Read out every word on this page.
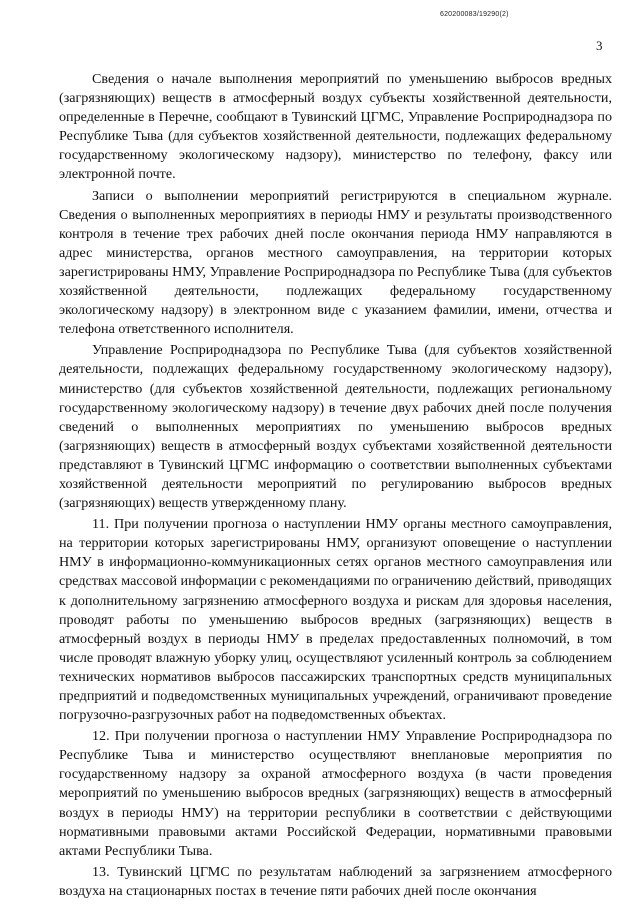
620200083/19290(2)
3

Сведения о начале выполнения мероприятий по уменьшению выбросов вредных (загрязняющих) веществ в атмосферный воздух субъекты хозяйственной деятельности, определенные в Перечне, сообщают в Тувинский ЦГМС, Управление Росприроднадзора по Республике Тыва (для субъектов хозяйственной деятельности, подлежащих федеральному государственному экологическому надзору), министерство по телефону, факсу или электронной почте.

Записи о выполнении мероприятий регистрируются в специальном журнале. Сведения о выполненных мероприятиях в периоды НМУ и результаты производственного контроля в течение трех рабочих дней после окончания периода НМУ направляются в адрес министерства, органов местного самоуправления, на территории которых зарегистрированы НМУ, Управление Росприроднадзора по Республике Тыва (для субъектов хозяйственной деятельности, подлежащих федеральному государственному экологическому надзору) в электронном виде с указанием фамилии, имени, отчества и телефона ответственного исполнителя.

Управление Росприроднадзора по Республике Тыва (для субъектов хозяйственной деятельности, подлежащих федеральному государственному экологическому надзору), министерство (для субъектов хозяйственной деятельности, подлежащих региональному государственному экологическому надзору) в течение двух рабочих дней после получения сведений о выполненных мероприятиях по уменьшению выбросов вредных (загрязняющих) веществ в атмосферный воздух субъектами хозяйственной деятельности представляют в Тувинский ЦГМС информацию о соответствии выполненных субъектами хозяйственной деятельности мероприятий по регулированию выбросов вредных (загрязняющих) веществ утвержденному плану.

11. При получении прогноза о наступлении НМУ органы местного самоуправления, на территории которых зарегистрированы НМУ, организуют оповещение о наступлении НМУ в информационно-коммуникационных сетях органов местного самоуправления или средствах массовой информации с рекомендациями по ограничению действий, приводящих к дополнительному загрязнению атмосферного воздуха и рискам для здоровья населения, проводят работы по уменьшению выбросов вредных (загрязняющих) веществ в атмосферный воздух в периоды НМУ в пределах предоставленных полномочий, в том числе проводят влажную уборку улиц, осуществляют усиленный контроль за соблюдением технических нормативов выбросов пассажирских транспортных средств муниципальных предприятий и подведомственных муниципальных учреждений, ограничивают проведение погрузочно-разгрузочных работ на подведомственных объектах.

12. При получении прогноза о наступлении НМУ Управление Росприроднадзора по Республике Тыва и министерство осуществляют внеплановые мероприятия по государственному надзору за охраной атмосферного воздуха (в части проведения мероприятий по уменьшению выбросов вредных (загрязняющих) веществ в атмосферный воздух в периоды НМУ) на территории республики в соответствии с действующими нормативными правовыми актами Российской Федерации, нормативными правовыми актами Республики Тыва.

13. Тувинский ЦГМС по результатам наблюдений за загрязнением атмосферного воздуха на стационарных постах в течение пяти рабочих дней после окончания
